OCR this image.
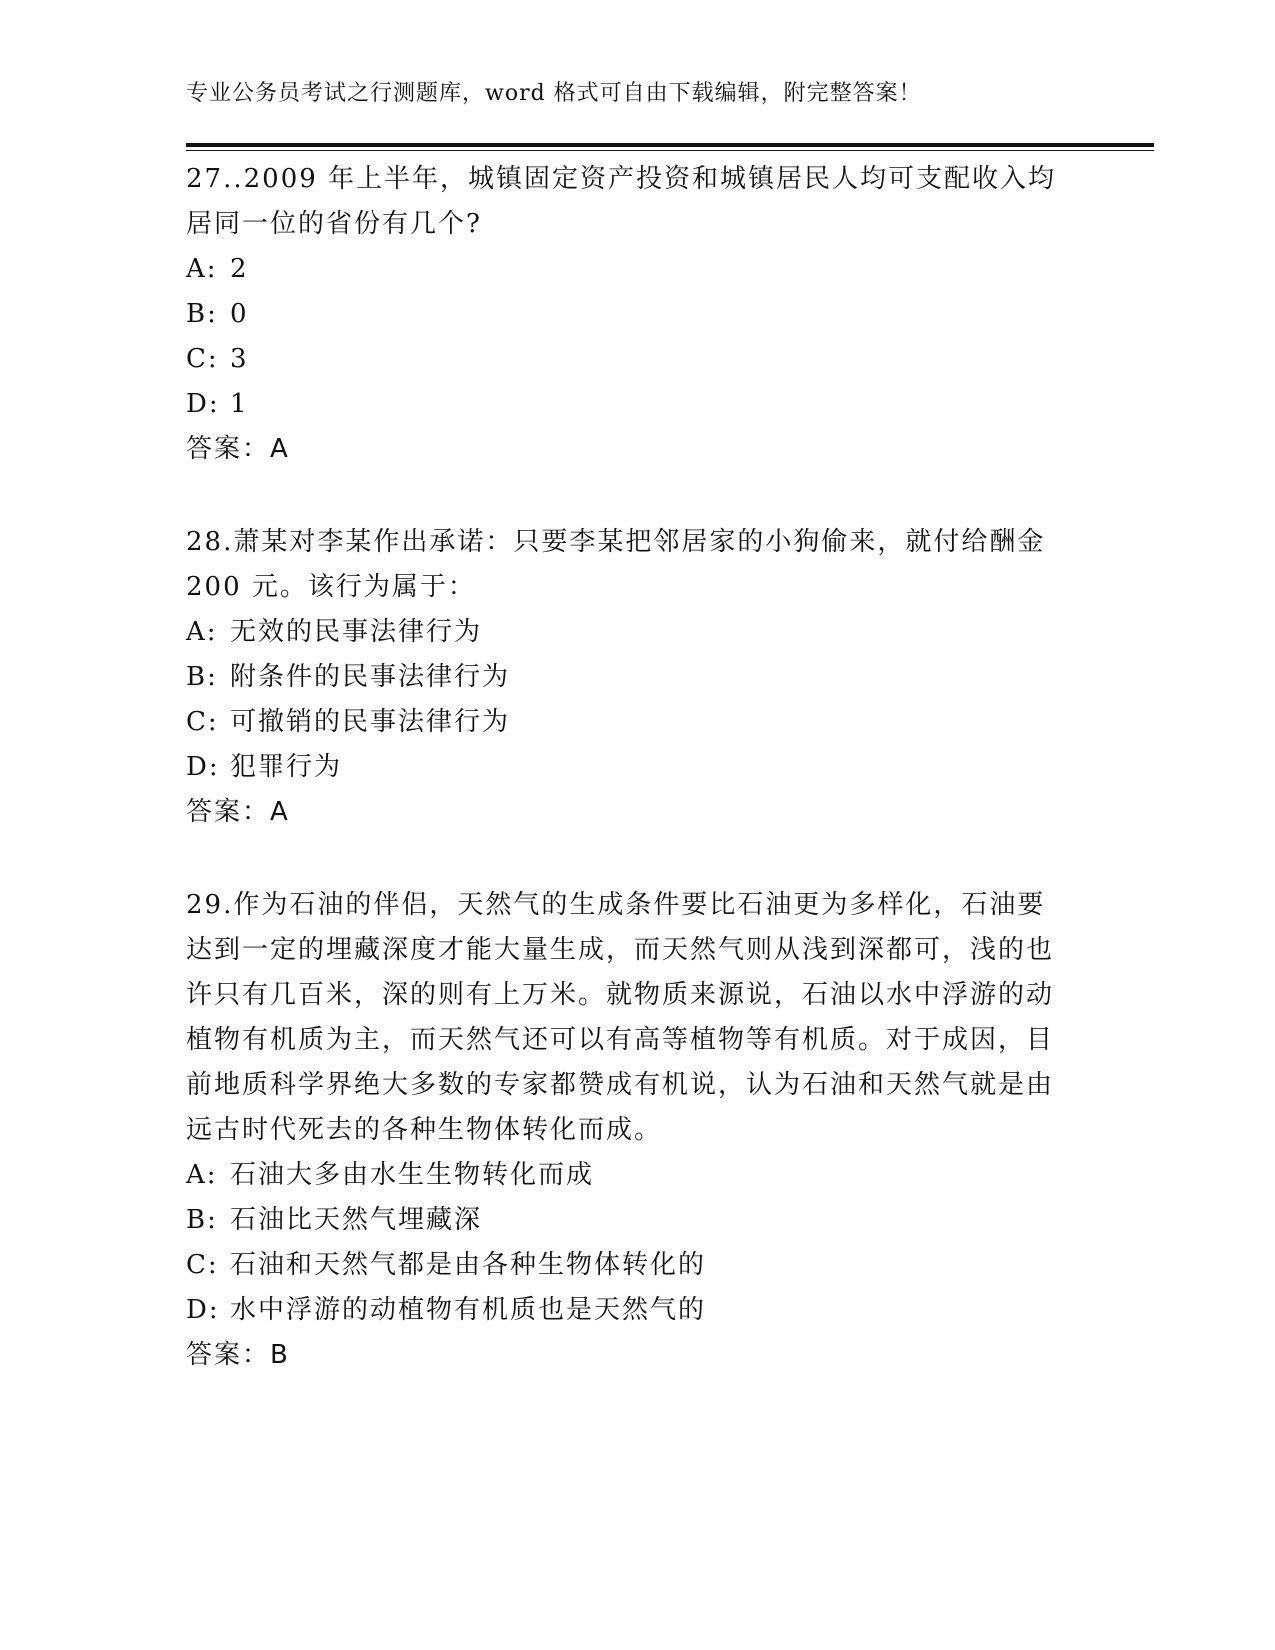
专业公务员考试之行测题库，word 格式可自由下载编辑，附完整答案！

27..2009 年上半年，城镇固定资产投资和城镇居民人均可支配收入均居同一位的省份有几个?

A: 2

B: 0

C: 3

D: 1

答案：A

28.萧某对李某作出承诺：只要李某把邻居家的小狗偷来，就付给酬金 200 元。该行为属于：

A: 无效的民事法律行为

B: 附条件的民事法律行为

C: 可撤销的民事法律行为

D: 犯罪行为

答案：A

29.作为石油的伴侣，天然气的生成条件要比石油更为多样化，石油要达到一定的埋藏深度才能大量生成，而天然气则从浅到深都可，浅的也许只有几百米，深的则有上万米。就物质来源说，石油以水中浮游的动植物有机质为主，而天然气还可以有高等植物等有机质。对于成因，目前地质科学界绝大多数的专家都赞成有机说，认为石油和天然气就是由远古时代死去的各种生物体转化而成。

A: 石油大多由水生生物转化而成

B: 石油比天然气埋藏深

C: 石油和天然气都是由各种生物体转化的

D: 水中浮游的动植物有机质也是天然气的

答案：B
